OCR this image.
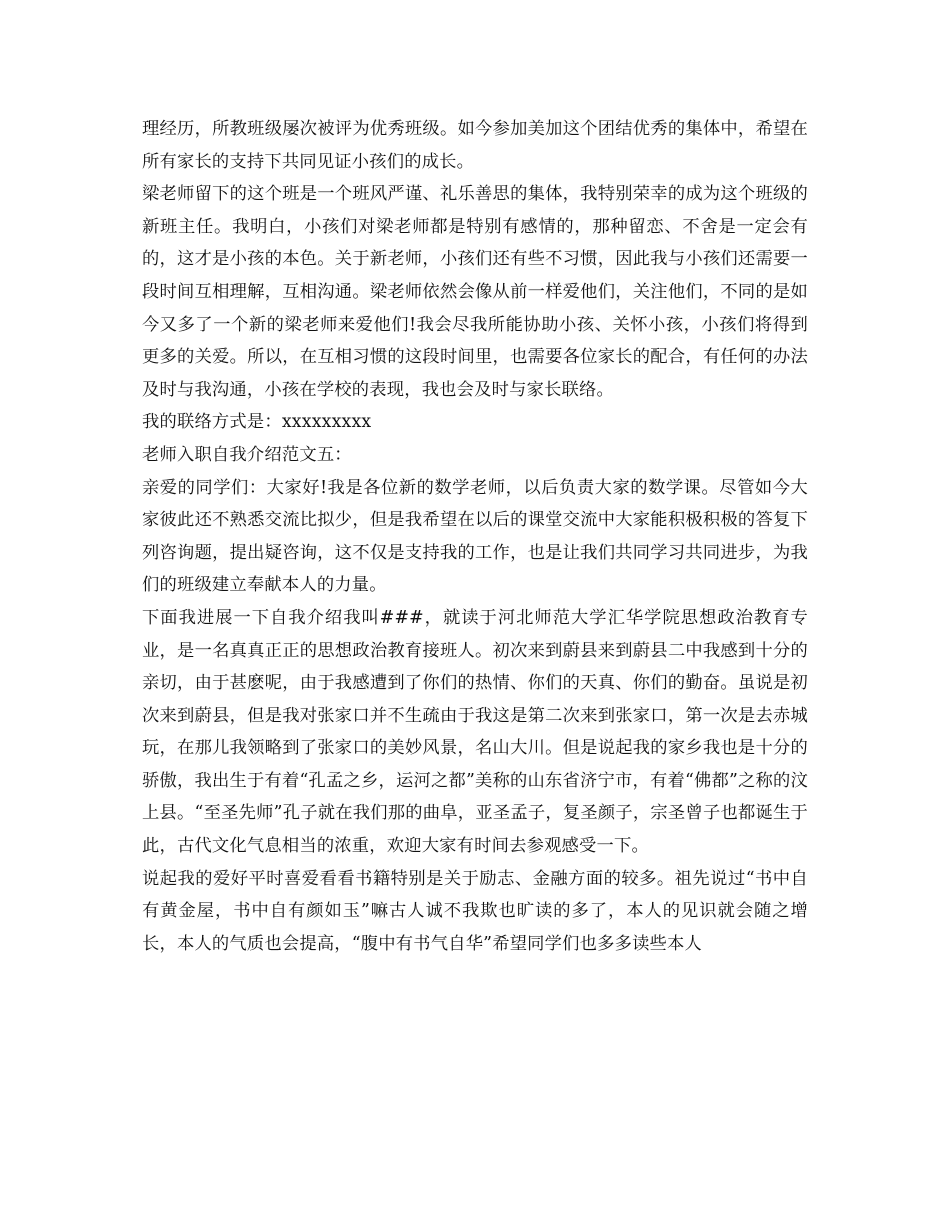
理经历，所教班级屡次被评为优秀班级。如今参加美加这个团结优秀的集体中，希望在所有家长的支持下共同见证小孩们的成长。

梁老师留下的这个班是一个班风严谨、礼乐善思的集体，我特别荣幸的成为这个班级的新班主任。我明白，小孩们对梁老师都是特别有感情的，那种留恋、不舍是一定会有的，这才是小孩的本色。关于新老师，小孩们还有些不习惯，因此我与小孩们还需要一段时间互相理解，互相沟通。梁老师依然会像从前一样爱他们，关注他们，不同的是如今又多了一个新的梁老师来爱他们!我会尽我所能协助小孩、关怀小孩，小孩们将得到更多的关爱。所以，在互相习惯的这段时间里，也需要各位家长的配合，有任何的办法及时与我沟通，小孩在学校的表现，我也会及时与家长联络。

我的联络方式是：xxxxxxxxx

老师入职自我介绍范文五：

亲爱的同学们：大家好!我是各位新的数学老师，以后负责大家的数学课。尽管如今大家彼此还不熟悉交流比拟少，但是我希望在以后的课堂交流中大家能积极积极的答复下列咨询题，提出疑咨询，这不仅是支持我的工作，也是让我们共同学习共同进步，为我们的班级建立奉献本人的力量。

下面我进展一下自我介绍我叫###，就读于河北师范大学汇华学院思想政治教育专业，是一名真真正正的思想政治教育接班人。初次来到蔚县来到蔚县二中我感到十分的亲切，由于甚麽呢，由于我感遭到了你们的热情、你们的天真、你们的勤奋。虽说是初次来到蔚县，但是我对张家口并不生疏由于我这是第二次来到张家口，第一次是去赤城玩，在那儿我领略到了张家口的美妙风景，名山大川。但是说起我的家乡我也是十分的骄傲，我出生于有着“孔孟之乡，运河之都”美称的山东省济宁市，有着“佛都”之称的汶上县。“至圣先师”孔子就在我们那的曲阜，亚圣孟子，复圣颜子，宗圣曾子也都诞生于此，古代文化气息相当的浓重，欢迎大家有时间去参观感受一下。

说起我的爱好平时喜爱看看书籍特别是关于励志、金融方面的较多。祖先说过“书中自有黄金屋，书中自有颜如玉”嘛古人诚不我欺也旷读的多了，本人的见识就会随之增长，本人的气质也会提高，“腹中有书气自华”希望同学们也多多读些本人
